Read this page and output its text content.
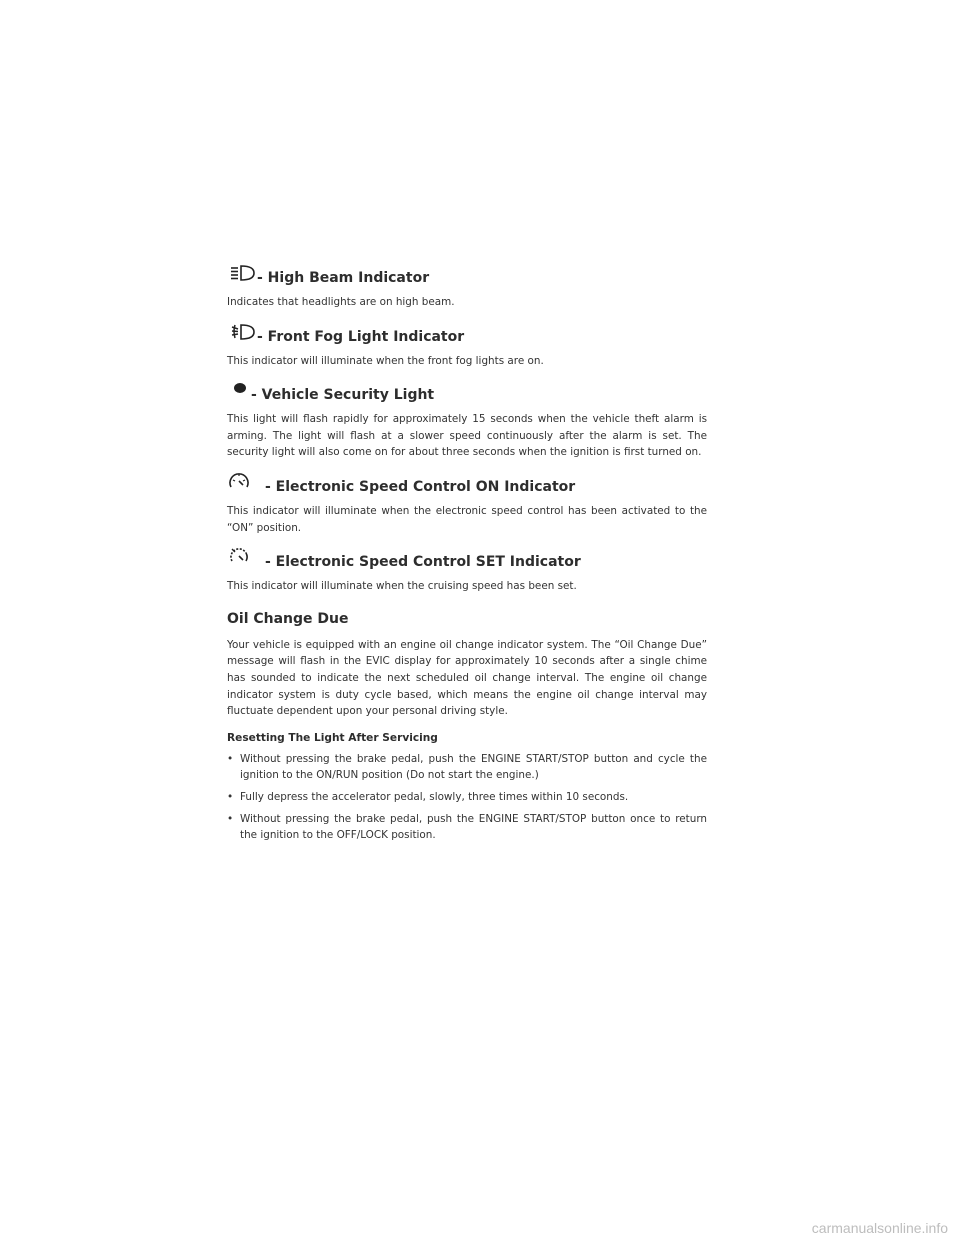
- High Beam Indicator

Indicates that headlights are on high beam.

- Front Fog Light Indicator

This indicator will illuminate when the front fog lights are on.

- Vehicle Security Light

This light will flash rapidly for approximately 15 seconds when the vehicle theft alarm is arming. The light will flash at a slower speed continuously after the alarm is set. The security light will also come on for about three seconds when the ignition is first turned on.

- Electronic Speed Control ON Indicator

This indicator will illuminate when the electronic speed control has been activated to the “ON” position.

- Electronic Speed Control SET Indicator

This indicator will illuminate when the cruising speed has been set.

Oil Change Due

Your vehicle is equipped with an engine oil change indicator system. The “Oil Change Due” message will flash in the EVIC display for approximately 10 seconds after a single chime has sounded to indicate the next scheduled oil change interval. The engine oil change indicator system is duty cycle based, which means the engine oil change interval may fluctuate dependent upon your personal driving style.

Resetting The Light After Servicing
• Without pressing the brake pedal, push the ENGINE START/STOP button and cycle the ignition to the ON/RUN position (Do not start the engine.)
• Fully depress the accelerator pedal, slowly, three times within 10 seconds.
• Without pressing the brake pedal, push the ENGINE START/STOP button once to return the ignition to the OFF/LOCK position.
carmanualsonline.info
